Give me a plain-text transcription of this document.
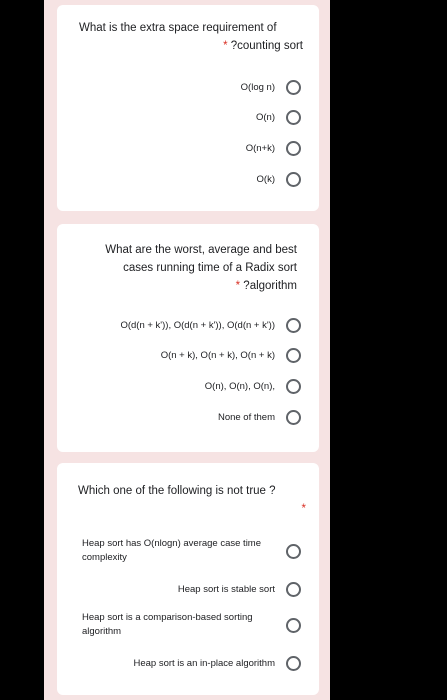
What is the extra space requirement of
* ?counting sort
O(log n)
O(n)
O(n+k)
O(k)
What are the worst, average and best
cases running time of a Radix sort
* ?algorithm
O(d(n + k')), O(d(n + k')), O(d(n + k'))
O(n + k), O(n + k), O(n + k)
O(n), O(n), O(n),
None of them
Which one of the following is not true ?
*
Heap sort has O(nlogn) average case time complexity
Heap sort is stable sort
Heap sort is a comparison-based sorting algorithm
Heap sort is an in-place algorithm
